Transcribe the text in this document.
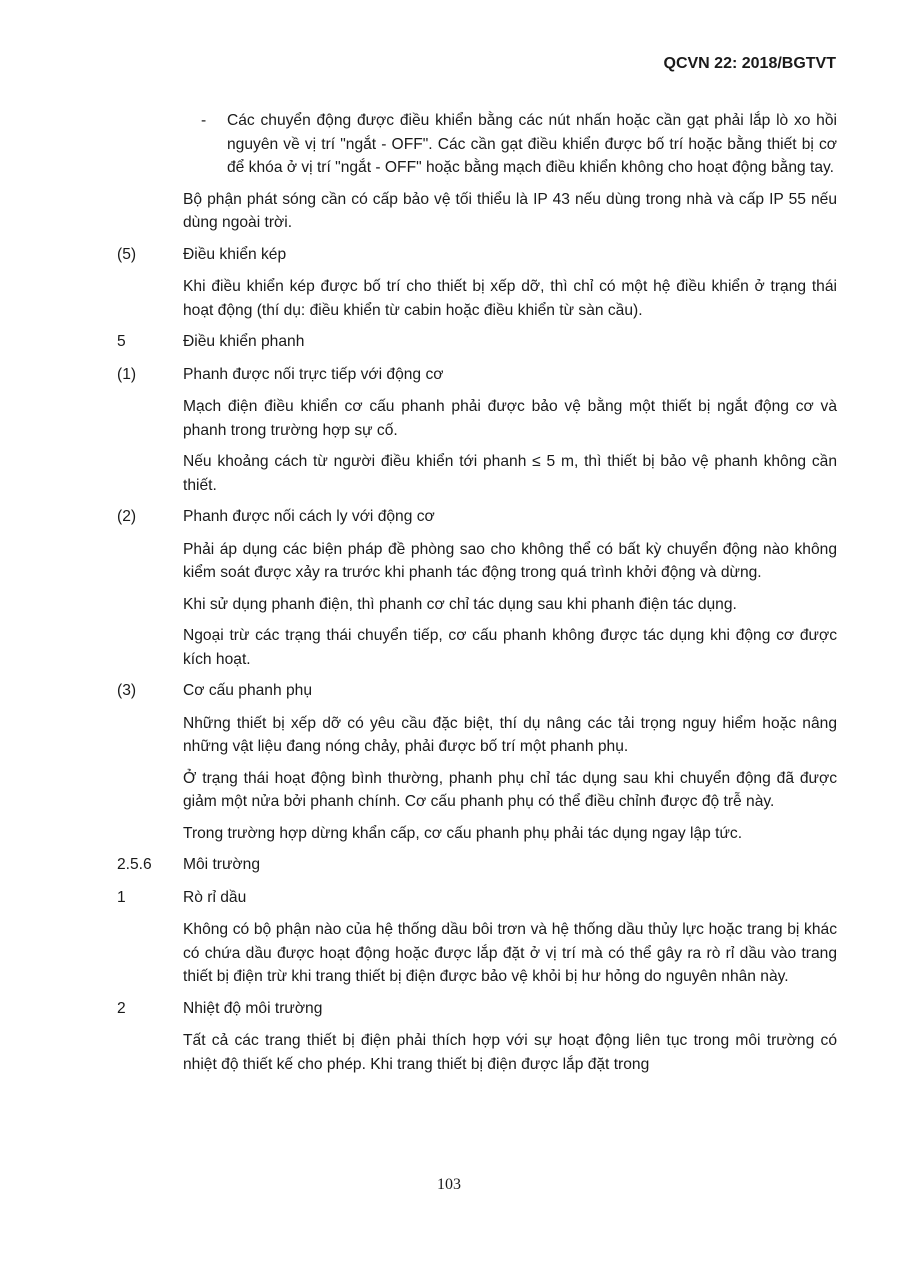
QCVN 22: 2018/BGTVT
- Các chuyển động được điều khiển bằng các nút nhấn hoặc cần gạt phải lắp lò xo hồi nguyên về vị trí "ngắt - OFF". Các cần gạt điều khiển được bố trí hoặc bằng thiết bị cơ để khóa ở vị trí "ngắt - OFF" hoặc bằng mạch điều khiển không cho hoạt động bằng tay.
Bộ phận phát sóng cần có cấp bảo vệ tối thiểu là IP 43 nếu dùng trong nhà và cấp IP 55 nếu dùng ngoài trời.
(5)	Điều khiển kép
Khi điều khiển kép được bố trí cho thiết bị xếp dỡ, thì chỉ có một hệ điều khiển ở trạng thái hoạt động (thí dụ: điều khiển từ cabin hoặc điều khiển từ sàn cầu).
5	Điều khiển phanh
(1)	Phanh được nối trực tiếp với động cơ
Mạch điện điều khiển cơ cấu phanh phải được bảo vệ bằng một thiết bị ngắt động cơ và phanh trong trường hợp sự cố.
Nếu khoảng cách từ người điều khiển tới phanh ≤ 5 m, thì thiết bị bảo vệ phanh không cần thiết.
(2)	Phanh được nối cách ly với động cơ
Phải áp dụng các biện pháp đề phòng sao cho không thể có bất kỳ chuyển động nào không kiểm soát được xảy ra trước khi phanh tác động trong quá trình khởi động và dừng.
Khi sử dụng phanh điện, thì phanh cơ chỉ tác dụng sau khi phanh điện tác dụng.
Ngoại trừ các trạng thái chuyển tiếp, cơ cấu phanh không được tác dụng khi động cơ được kích hoạt.
(3)	Cơ cấu phanh phụ
Những thiết bị xếp dỡ có yêu cầu đặc biệt, thí dụ nâng các tải trọng nguy hiểm hoặc nâng những vật liệu đang nóng chảy, phải được bố trí một phanh phụ.
Ở trạng thái hoạt động bình thường, phanh phụ chỉ tác dụng sau khi chuyển động đã được giảm một nửa bởi phanh chính. Cơ cấu phanh phụ có thể điều chỉnh được độ trễ này.
Trong trường hợp dừng khẩn cấp, cơ cấu phanh phụ phải tác dụng ngay lập tức.
2.5.6 Môi trường
1	Rò rỉ dầu
Không có bộ phận nào của hệ thống dầu bôi trơn và hệ thống dầu thủy lực hoặc trang bị khác có chứa dầu được hoạt động hoặc được lắp đặt ở vị trí mà có thể gây ra rò rỉ dầu vào trang thiết bị điện trừ khi trang thiết bị điện được bảo vệ khỏi bị hư hỏng do nguyên nhân này.
2	Nhiệt độ môi trường
Tất cả các trang thiết bị điện phải thích hợp với sự hoạt động liên tục trong môi trường có nhiệt độ thiết kế cho phép. Khi trang thiết bị điện được lắp đặt trong
103
